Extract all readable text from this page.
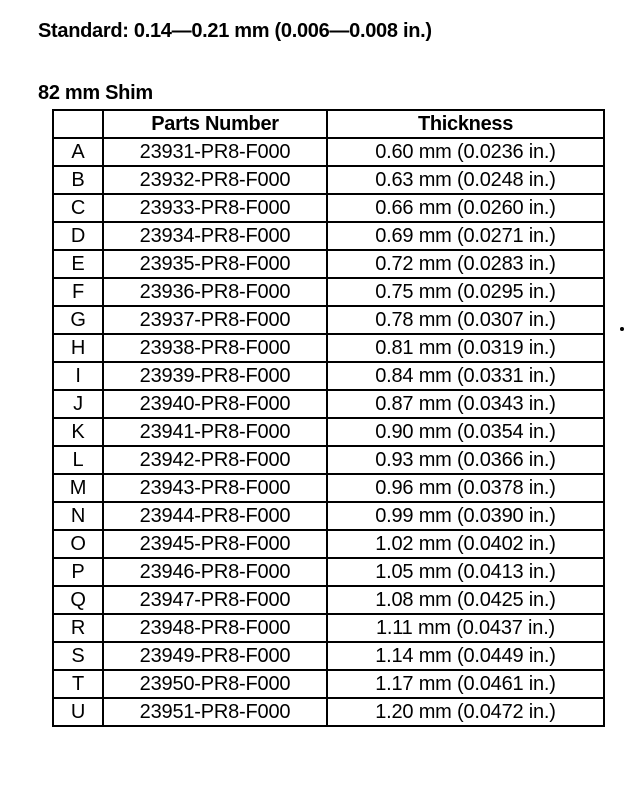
Standard: 0.14—0.21 mm (0.006—0.008 in.)
82 mm Shim
	Parts Number	Thickness
A	23931-PR8-F000	0.60 mm (0.0236 in.)
B	23932-PR8-F000	0.63 mm (0.0248 in.)
C	23933-PR8-F000	0.66 mm (0.0260 in.)
D	23934-PR8-F000	0.69 mm (0.0271 in.)
E	23935-PR8-F000	0.72 mm (0.0283 in.)
F	23936-PR8-F000	0.75 mm (0.0295 in.)
G	23937-PR8-F000	0.78 mm (0.0307 in.)
H	23938-PR8-F000	0.81 mm (0.0319 in.)
I	23939-PR8-F000	0.84 mm (0.0331 in.)
J	23940-PR8-F000	0.87 mm (0.0343 in.)
K	23941-PR8-F000	0.90 mm (0.0354 in.)
L	23942-PR8-F000	0.93 mm (0.0366 in.)
M	23943-PR8-F000	0.96 mm (0.0378 in.)
N	23944-PR8-F000	0.99 mm (0.0390 in.)
O	23945-PR8-F000	1.02 mm (0.0402 in.)
P	23946-PR8-F000	1.05 mm (0.0413 in.)
Q	23947-PR8-F000	1.08 mm (0.0425 in.)
R	23948-PR8-F000	1.11 mm (0.0437 in.)
S	23949-PR8-F000	1.14 mm (0.0449 in.)
T	23950-PR8-F000	1.17 mm (0.0461 in.)
U	23951-PR8-F000	1.20 mm (0.0472 in.)
